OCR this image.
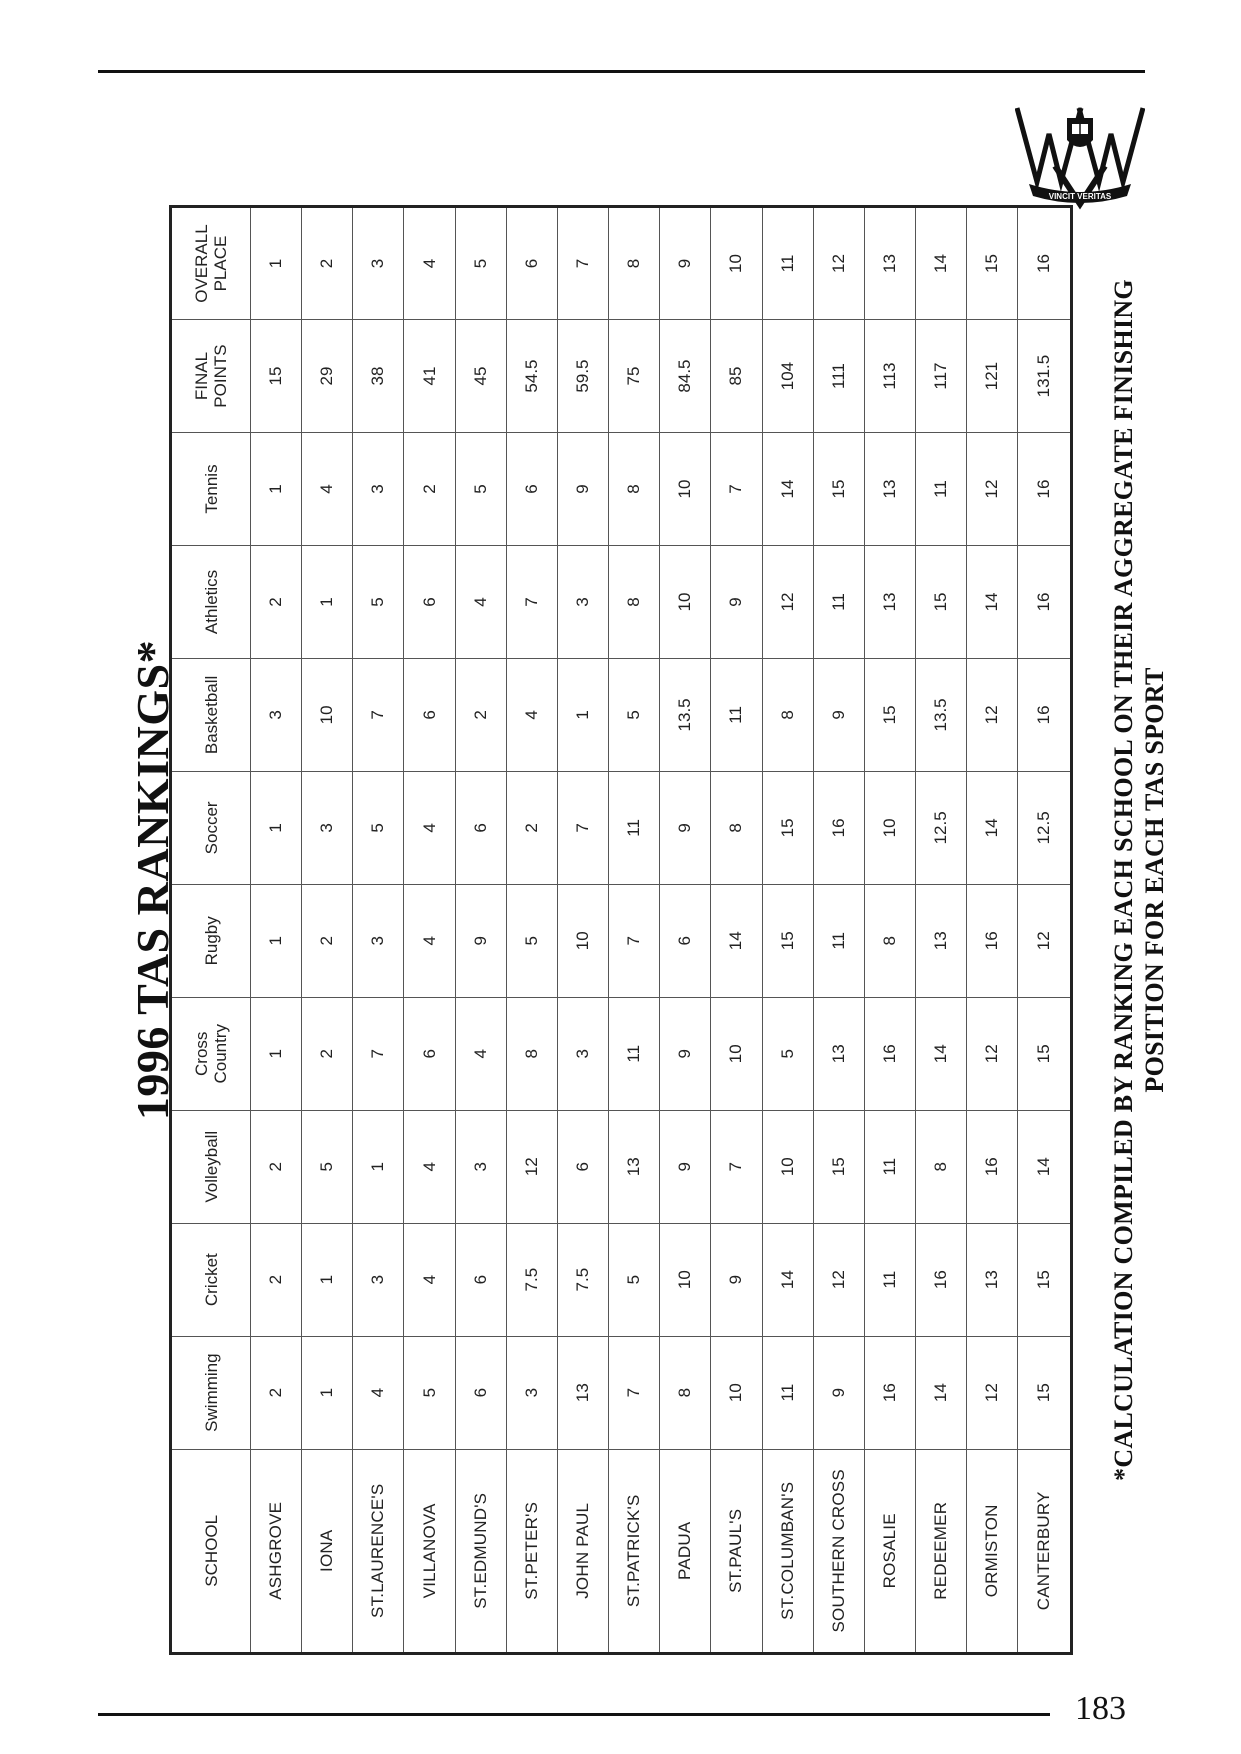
VINCIT VERITAS
1996 TAS RANKINGS*
SCHOOL	Swimming	Cricket	Volleyball	Cross Country	Rugby	Soccer	Basketball	Athletics	Tennis	FINAL POINTS	OVERALL PLACE
ASHGROVE	2	2	2	1	1	1	3	2	1	15	1
IONA	1	1	5	2	2	3	10	1	4	29	2
ST.LAURENCE'S	4	3	1	7	3	5	7	5	3	38	3
VILLANOVA	5	4	4	6	4	4	6	6	2	41	4
ST.EDMUND'S	6	6	3	4	9	6	2	4	5	45	5
ST.PETER'S	3	7.5	12	8	5	2	4	7	6	54.5	6
JOHN PAUL	13	7.5	6	3	10	7	1	3	9	59.5	7
ST.PATRICK'S	7	5	13	11	7	11	5	8	8	75	8
PADUA	8	10	9	9	6	9	13.5	10	10	84.5	9
ST.PAUL'S	10	9	7	10	14	8	11	9	7	85	10
ST.COLUMBAN'S	11	14	10	5	15	15	8	12	14	104	11
SOUTHERN CROSS	9	12	15	13	11	16	9	11	15	111	12
ROSALIE	16	11	11	16	8	10	15	13	13	113	13
REDEEMER	14	16	8	14	13	12.5	13.5	15	11	117	14
ORMISTON	12	13	16	12	16	14	12	14	12	121	15
CANTERBURY	15	15	14	15	12	12.5	16	16	16	131.5	16
*CALCULATION COMPILED BY RANKING EACH SCHOOL ON THEIR AGGREGATE FINISHING POSITION FOR EACH TAS SPORT
183
